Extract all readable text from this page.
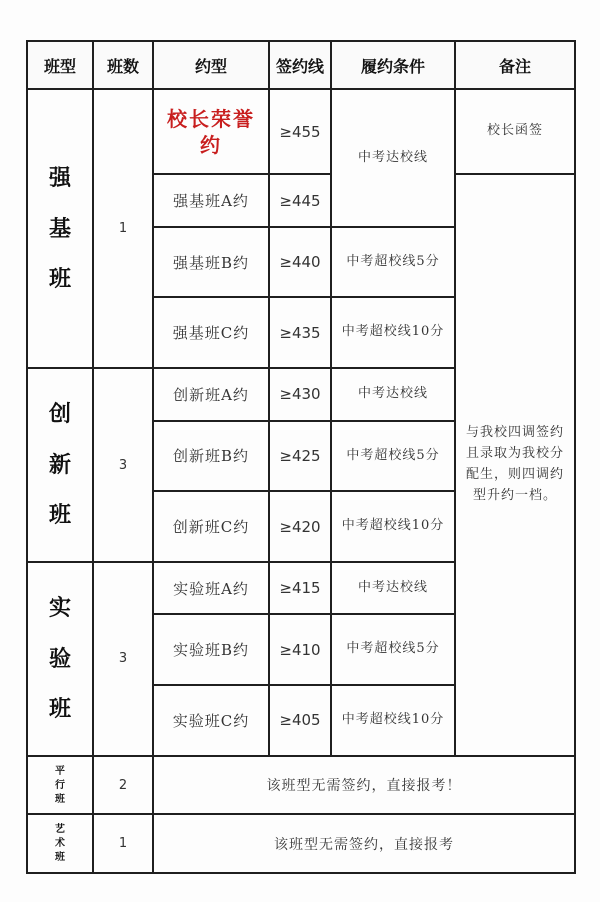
班型	班数	约型	签约线	履约条件	备注

强
基
班	1	校长荣誉约	≥455	中考达校线	校长函签
		强基班A约	≥445		与我校四调签约且录取为我校分配生，则四调约型升约一档。
		强基班B约	≥440	中考超校线5分	
		强基班C约	≥435	中考超校线10分	

创
新
班	3	创新班A约	≥430	中考达校线	
		创新班B约	≥425	中考超校线5分	
		创新班C约	≥420	中考超校线10分	

实
验
班	3	实验班A约	≥415	中考达校线	
		实验班B约	≥410	中考超校线5分	
		实验班C约	≥405	中考超校线10分	

平
行
班	2	该班型无需签约，直接报考！			

艺
术
班	1	该班型无需签约，直接报考			
